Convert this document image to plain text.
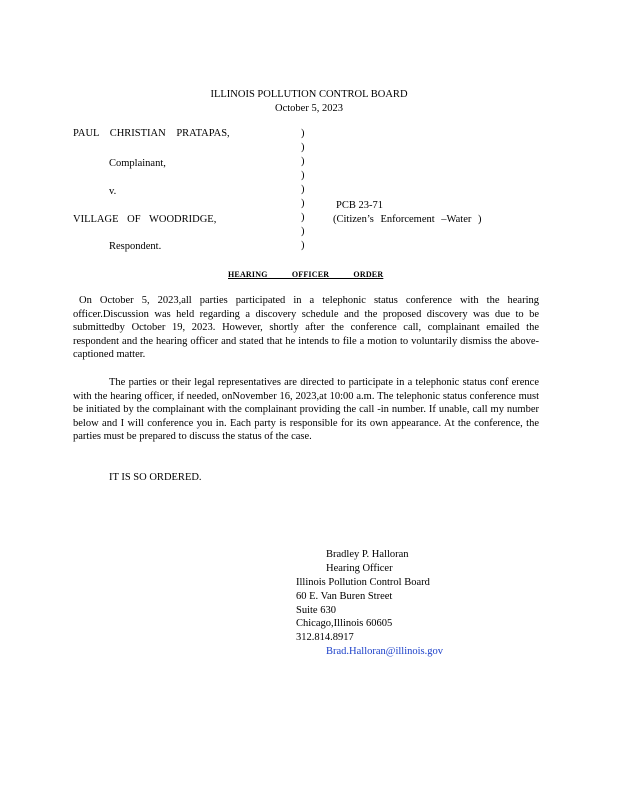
ILLINOIS POLLUTION CONTROL BOARD
October 5, 2023
PAUL CHRISTIAN PRATAPAS,
Complainant,
v.
VILLAGE OF WOODRIDGE,
Respondent.
)
)
)
)
)
)
)
)
)
PCB 23-71
(Citizen’s Enforcement –Water )
HEARING OFFICER ORDER
On October 5, 2023,all parties participated in a telephonic status conference with the hearing officer.Discussion was held regarding a discovery schedule and the proposed discovery was due to be submittedby October 19, 2023. However, shortly after the conference call, complainant emailed the respondent and the hearing officer and stated that he intends to file a motion to voluntarily dismiss the above- captioned matter.
The parties or their legal representatives are directed to participate in a telephonic status conf erence with the hearing officer, if needed, onNovember 16, 2023,at 10:00 a.m. The telephonic status conference must be initiated by the complainant with the complainant providing the call -in number. If unable, call my number below and I will conference you in. Each party is responsible for its own appearance. At the conference, the parties must be prepared to discuss the status of the case.
IT IS SO ORDERED.
Bradley P. Halloran
Hearing Officer
Illinois Pollution Control Board
60 E. Van Buren Street
Suite 630
Chicago,Illinois 60605
312.814.8917
Brad.Halloran@illinois.gov
